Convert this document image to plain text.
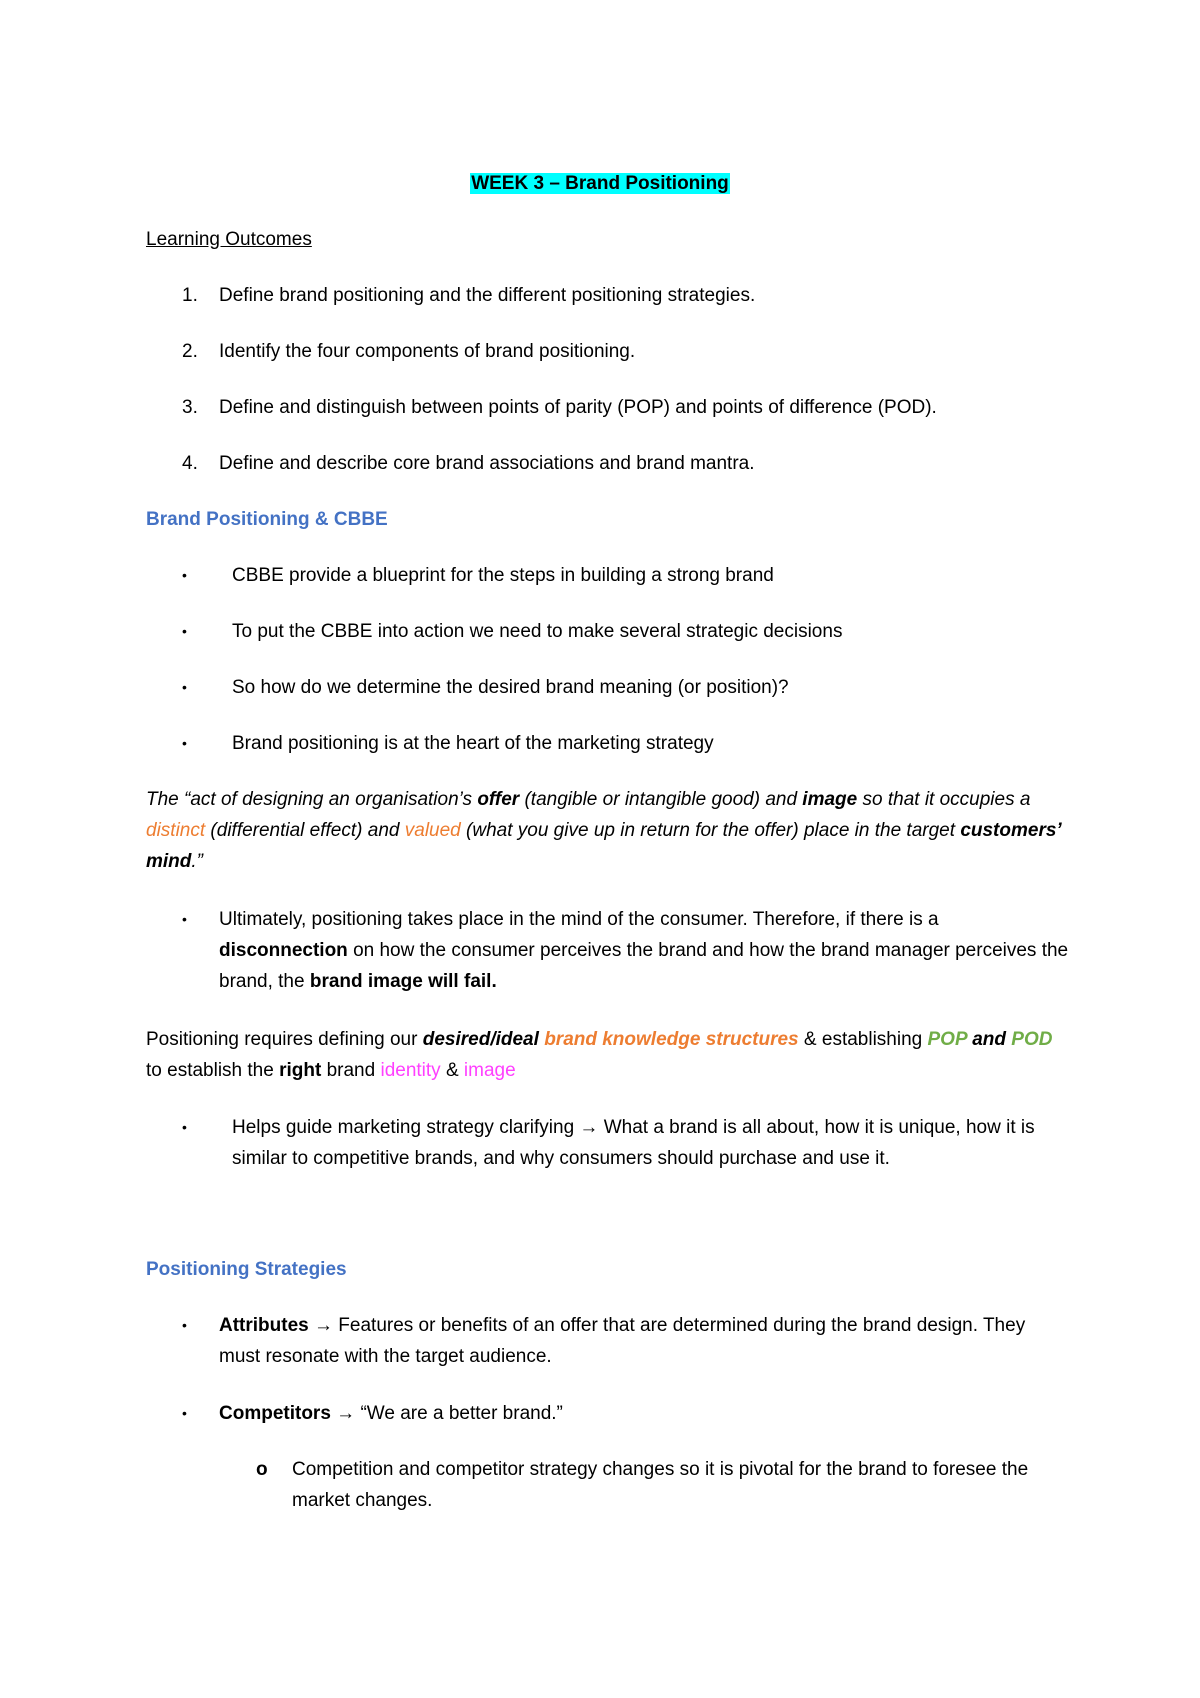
WEEK 3 – Brand Positioning
Learning Outcomes
1. Define brand positioning and the different positioning strategies.
2. Identify the four components of brand positioning.
3. Define and distinguish between points of parity (POP) and points of difference (POD).
4. Define and describe core brand associations and brand mantra.
Brand Positioning & CBBE
• CBBE provide a blueprint for the steps in building a strong brand
• To put the CBBE into action we need to make several strategic decisions
• So how do we determine the desired brand meaning (or position)?
• Brand positioning is at the heart of the marketing strategy
The “act of designing an organisation’s offer (tangible or intangible good) and image so that it occupies a distinct (differential effect) and valued (what you give up in return for the offer) place in the target customers’ mind.”
• Ultimately, positioning takes place in the mind of the consumer. Therefore, if there is a disconnection on how the consumer perceives the brand and how the brand manager perceives the brand, the brand image will fail.
Positioning requires defining our desired/ideal brand knowledge structures & establishing POP and POD to establish the right brand identity & image
• Helps guide marketing strategy clarifying → What a brand is all about, how it is unique, how it is similar to competitive brands, and why consumers should purchase and use it.
Positioning Strategies
• Attributes → Features or benefits of an offer that are determined during the brand design. They must resonate with the target audience.
• Competitors → “We are a better brand.”
o Competition and competitor strategy changes so it is pivotal for the brand to foresee the market changes.
